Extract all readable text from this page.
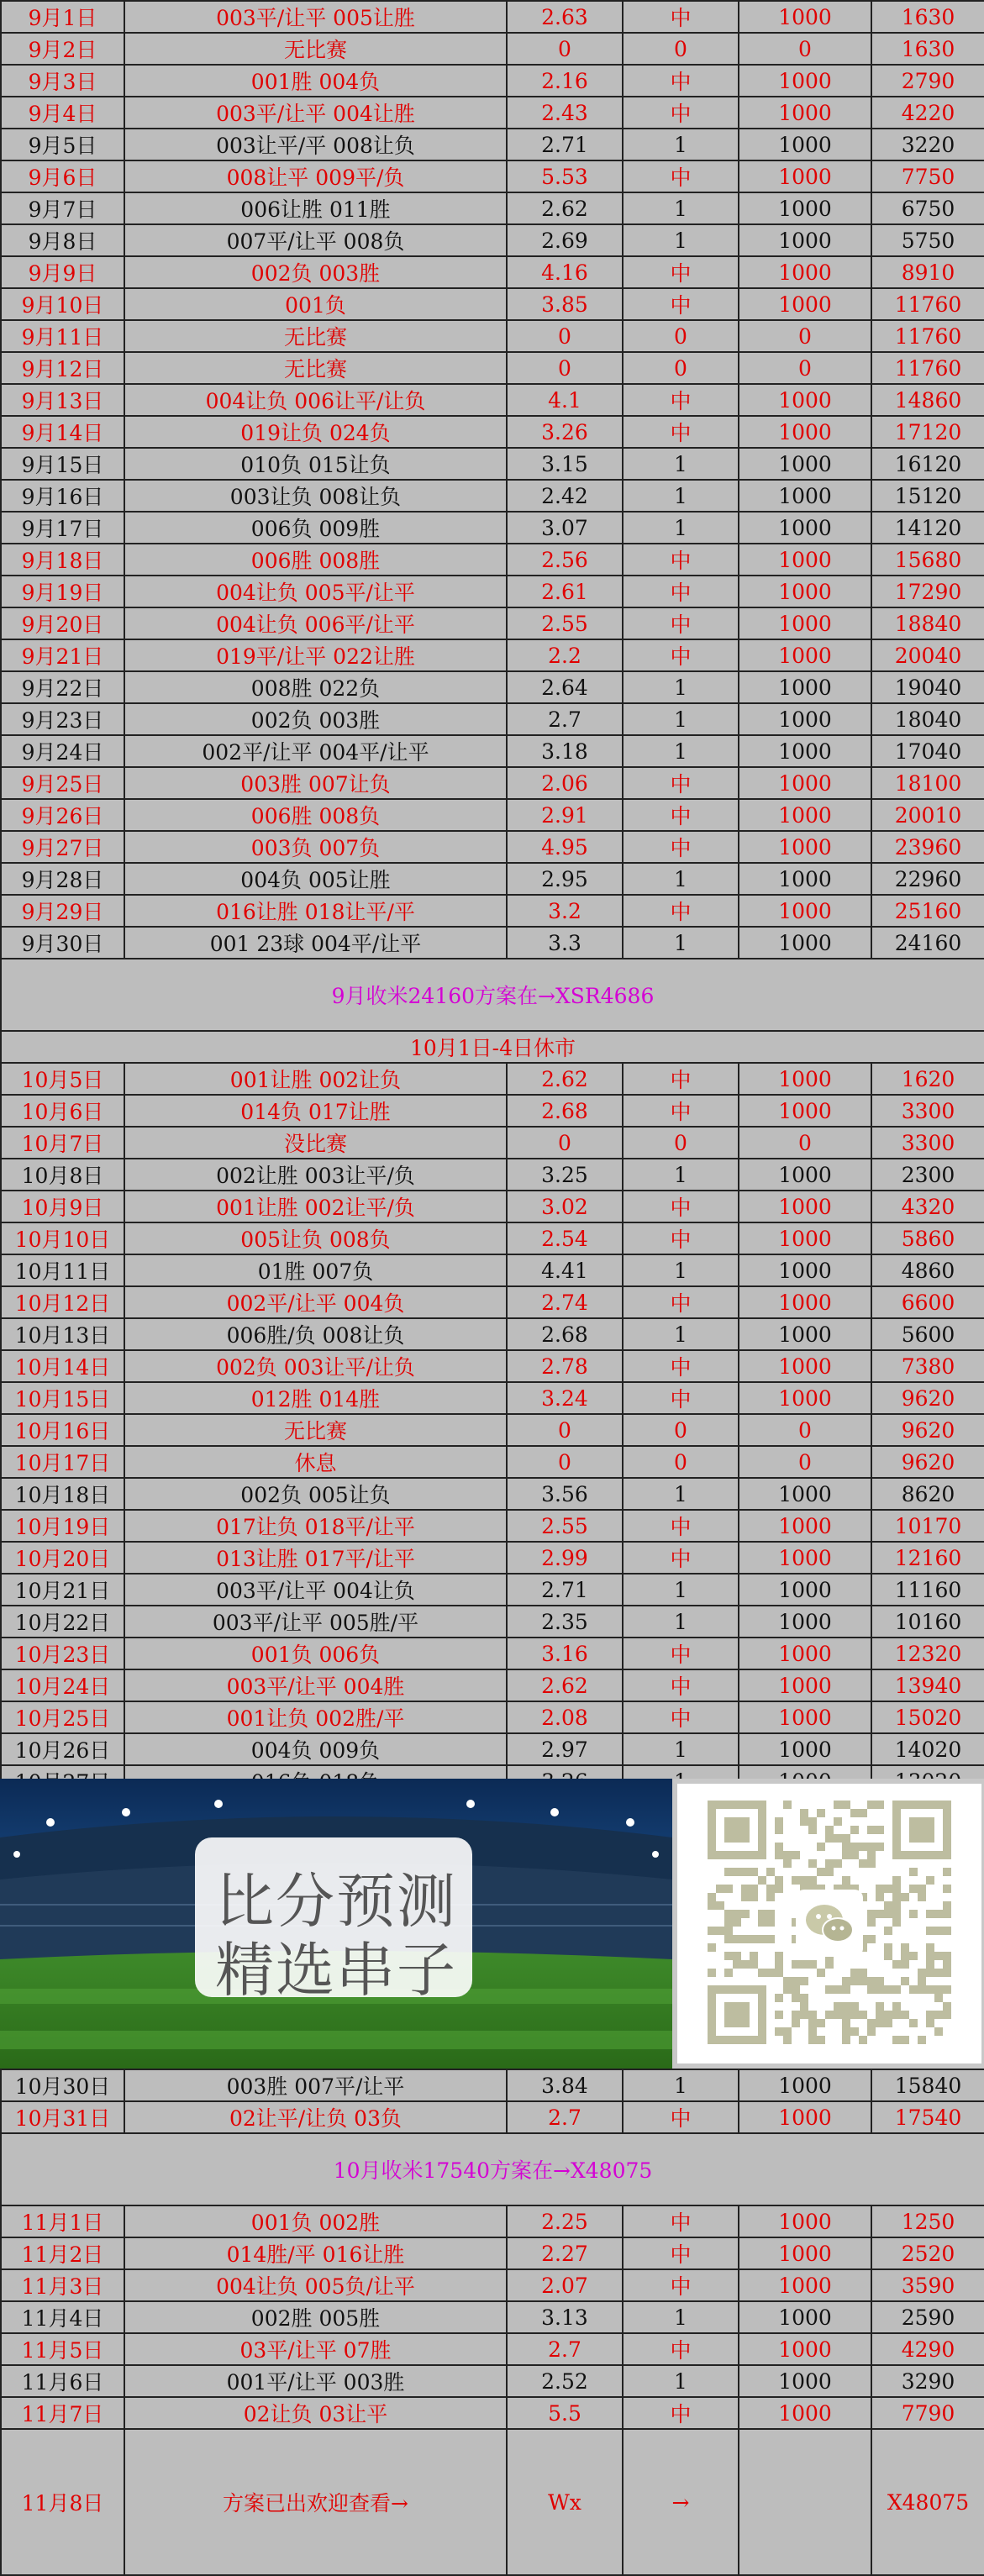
9月1日	003平/让平 005让胜	2.63	中	1000	1630
9月2日	无比赛	0	0	0	1630
9月3日	001胜 004负	2.16	中	1000	2790
9月4日	003平/让平 004让胜	2.43	中	1000	4220
9月5日	003让平/平 008让负	2.71	1	1000	3220
9月6日	008让平 009平/负	5.53	中	1000	7750
9月7日	006让胜 011胜	2.62	1	1000	6750
9月8日	007平/让平 008负	2.69	1	1000	5750
9月9日	002负 003胜	4.16	中	1000	8910
9月10日	001负	3.85	中	1000	11760
9月11日	无比赛	0	0	0	11760
9月12日	无比赛	0	0	0	11760
9月13日	004让负 006让平/让负	4.1	中	1000	14860
9月14日	019让负 024负	3.26	中	1000	17120
9月15日	010负 015让负	3.15	1	1000	16120
9月16日	003让负 008让负	2.42	1	1000	15120
9月17日	006负 009胜	3.07	1	1000	14120
9月18日	006胜 008胜	2.56	中	1000	15680
9月19日	004让负 005平/让平	2.61	中	1000	17290
9月20日	004让负 006平/让平	2.55	中	1000	18840
9月21日	019平/让平 022让胜	2.2	中	1000	20040
9月22日	008胜 022负	2.64	1	1000	19040
9月23日	002负 003胜	2.7	1	1000	18040
9月24日	002平/让平 004平/让平	3.18	1	1000	17040
9月25日	003胜 007让负	2.06	中	1000	18100
9月26日	006胜 008负	2.91	中	1000	20010
9月27日	003负 007负	4.95	中	1000	23960
9月28日	004负 005让胜	2.95	1	1000	22960
9月29日	016让胜 018让平/平	3.2	中	1000	25160
9月30日	001 23球 004平/让平	3.3	1	1000	24160
9月收米24160方案在→XSR4686					
10月1日-4日休市					
10月5日	001让胜 002让负	2.62	中	1000	1620
10月6日	014负 017让胜	2.68	中	1000	3300
10月7日	没比赛	0	0	0	3300
10月8日	002让胜 003让平/负	3.25	1	1000	2300
10月9日	001让胜 002让平/负	3.02	中	1000	4320
10月10日	005让负 008负	2.54	中	1000	5860
10月11日	01胜 007负	4.41	1	1000	4860
10月12日	002平/让平 004负	2.74	中	1000	6600
10月13日	006胜/负 008让负	2.68	1	1000	5600
10月14日	002负 003让平/让负	2.78	中	1000	7380
10月15日	012胜 014胜	3.24	中	1000	9620
10月16日	无比赛	0	0	0	9620
10月17日	休息	0	0	0	9620
10月18日	002负 005让负	3.56	1	1000	8620
10月19日	017让负 018平/让平	2.55	中	1000	10170
10月20日	013让胜 017平/让平	2.99	中	1000	12160
10月21日	003平/让平 004让负	2.71	1	1000	11160
10月22日	003平/让平 005胜/平	2.35	1	1000	10160
10月23日	001负 006负	3.16	中	1000	12320
10月24日	003平/让平 004胜	2.62	中	1000	13940
10月25日	001让负 002胜/平	2.08	中	1000	15020
10月26日	004负 009负	2.97	1	1000	14020

比分预测
精选串子
10月30日	003胜 007平/让平	3.84	1	1000	15840
10月31日	02让平/让负 03负	2.7	中	1000	17540
10月收米17540方案在→X48075					
11月1日	001负 002胜	2.25	中	1000	1250
11月2日	014胜/平 016让胜	2.27	中	1000	2520
11月3日	004让负 005负/让平	2.07	中	1000	3590
11月4日	002胜 005胜	3.13	1	1000	2590
11月5日	03平/让平 07胜	2.7	中	1000	4290
11月6日	001平/让平 003胜	2.52	1	1000	3290
11月7日	02让负 03让平	5.5	中	1000	7790
11月8日	方案已出欢迎查看→	Wx	→		X48075
